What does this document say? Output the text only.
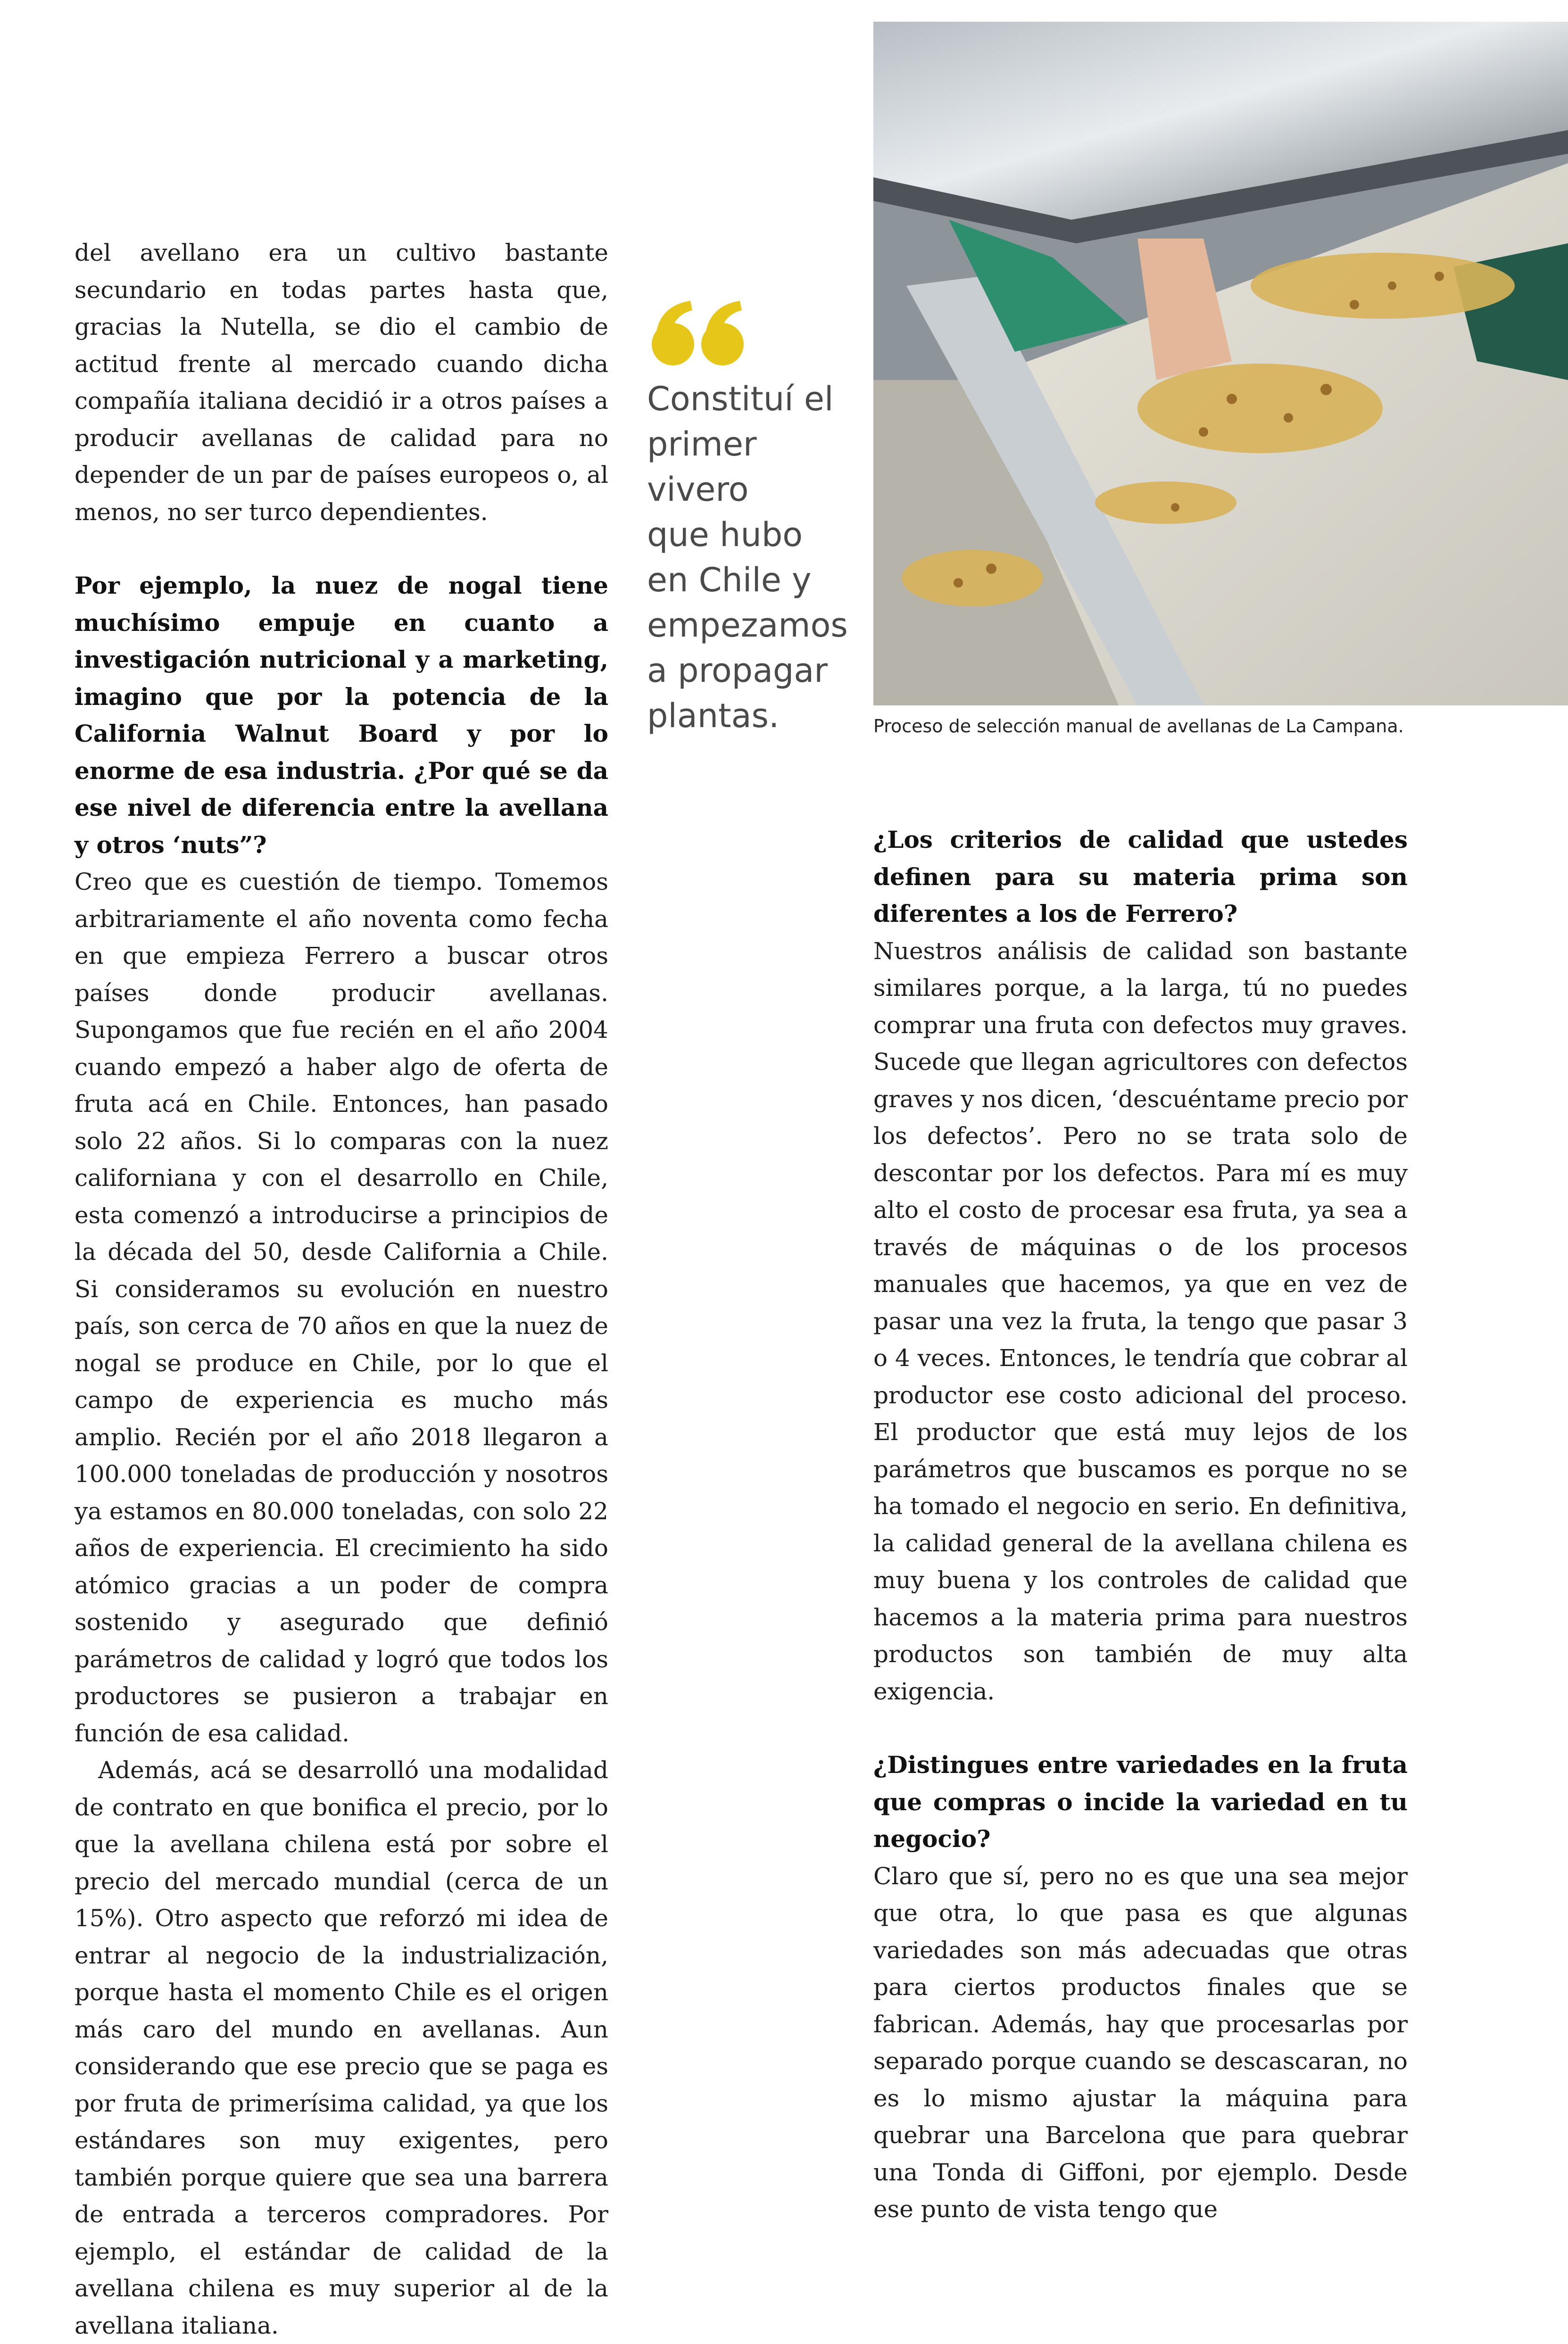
del avellano era un cultivo bastante secundario en todas partes hasta que, gracias la Nutella, se dio el cambio de actitud frente al mercado cuando dicha compañía italiana decidió ir a otros países a producir avellanas de calidad para no depender de un par de países europeos o, al menos, no ser turco dependientes.

Por ejemplo, la nuez de nogal tiene muchísimo empuje en cuanto a investigación nutricional y a marketing, imagino que por la potencia de la California Walnut Board y por lo enorme de esa industria. ¿Por qué se da ese nivel de diferencia entre la avellana y otros ‘nuts”?

Creo que es cuestión de tiempo. Tomemos arbitrariamente el año noventa como fecha en que empieza Ferrero a buscar otros países donde producir avellanas. Supongamos que fue recién en el año 2004 cuando empezó a haber algo de oferta de fruta acá en Chile. Entonces, han pasado solo 22 años. Si lo comparas con la nuez californiana y con el desarrollo en Chile, esta comenzó a introducirse a principios de la década del 50, desde California a Chile. Si consideramos su evolución en nuestro país, son cerca de 70 años en que la nuez de nogal se produce en Chile, por lo que el campo de experiencia es mucho más amplio. Recién por el año 2018 llegaron a 100.000 toneladas de producción y nosotros ya estamos en 80.000 toneladas, con solo 22 años de experiencia. El crecimiento ha sido atómico gracias a un poder de compra sostenido y asegurado que definió parámetros de calidad y logró que todos los productores se pusieron a trabajar en función de esa calidad.

Además, acá se desarrolló una modalidad de contrato en que bonifica el precio, por lo que la avellana chilena está por sobre el precio del mercado mundial (cerca de un 15%). Otro aspecto que reforzó mi idea de entrar al negocio de la industrialización, porque hasta el momento Chile es el origen más caro del mundo en avellanas. Aun considerando que ese precio que se paga es por fruta de primerísima calidad, ya que los estándares son muy exigentes, pero también porque quiere que sea una barrera de entrada a terceros compradores. Por ejemplo, el estándar de calidad de la avellana chilena es muy superior al de la avellana italiana.

Constituí el
primer vivero
que hubo
en Chile y
empezamos
a propagar
plantas.	Proceso de selección manual de avellanas de La Campana.

¿Los criterios de calidad que ustedes definen para su materia prima son diferentes a los de Ferrero?

Nuestros análisis de calidad son bastante similares porque, a la larga, tú no puedes comprar una fruta con defectos muy graves. Sucede que llegan agricultores con defectos graves y nos dicen, ‘descuéntame precio por los defectos’. Pero no se trata solo de descontar por los defectos. Para mí es muy alto el costo de procesar esa fruta, ya sea a través de máquinas o de los procesos manuales que hacemos, ya que en vez de pasar una vez la fruta, la tengo que pasar 3 o 4 veces. Entonces, le tendría que cobrar al productor ese costo adicional del proceso. El productor que está muy lejos de los parámetros que buscamos es porque no se ha tomado el negocio en serio. En definitiva, la calidad general de la avellana chilena es muy buena y los controles de calidad que hacemos a la materia prima para nuestros productos son también de muy alta exigencia.

¿Distingues entre variedades en la fruta que compras o incide la variedad en tu negocio?

Claro que sí, pero no es que una sea mejor que otra, lo que pasa es que algunas variedades son más adecuadas que otras para ciertos productos finales que se fabrican. Además, hay que procesarlas por separado porque cuando se descascaran, no es lo mismo ajustar la máquina para quebrar una Barcelona que para quebrar una Tonda di Giffoni, por ejemplo. Desde ese punto de vista tengo que
